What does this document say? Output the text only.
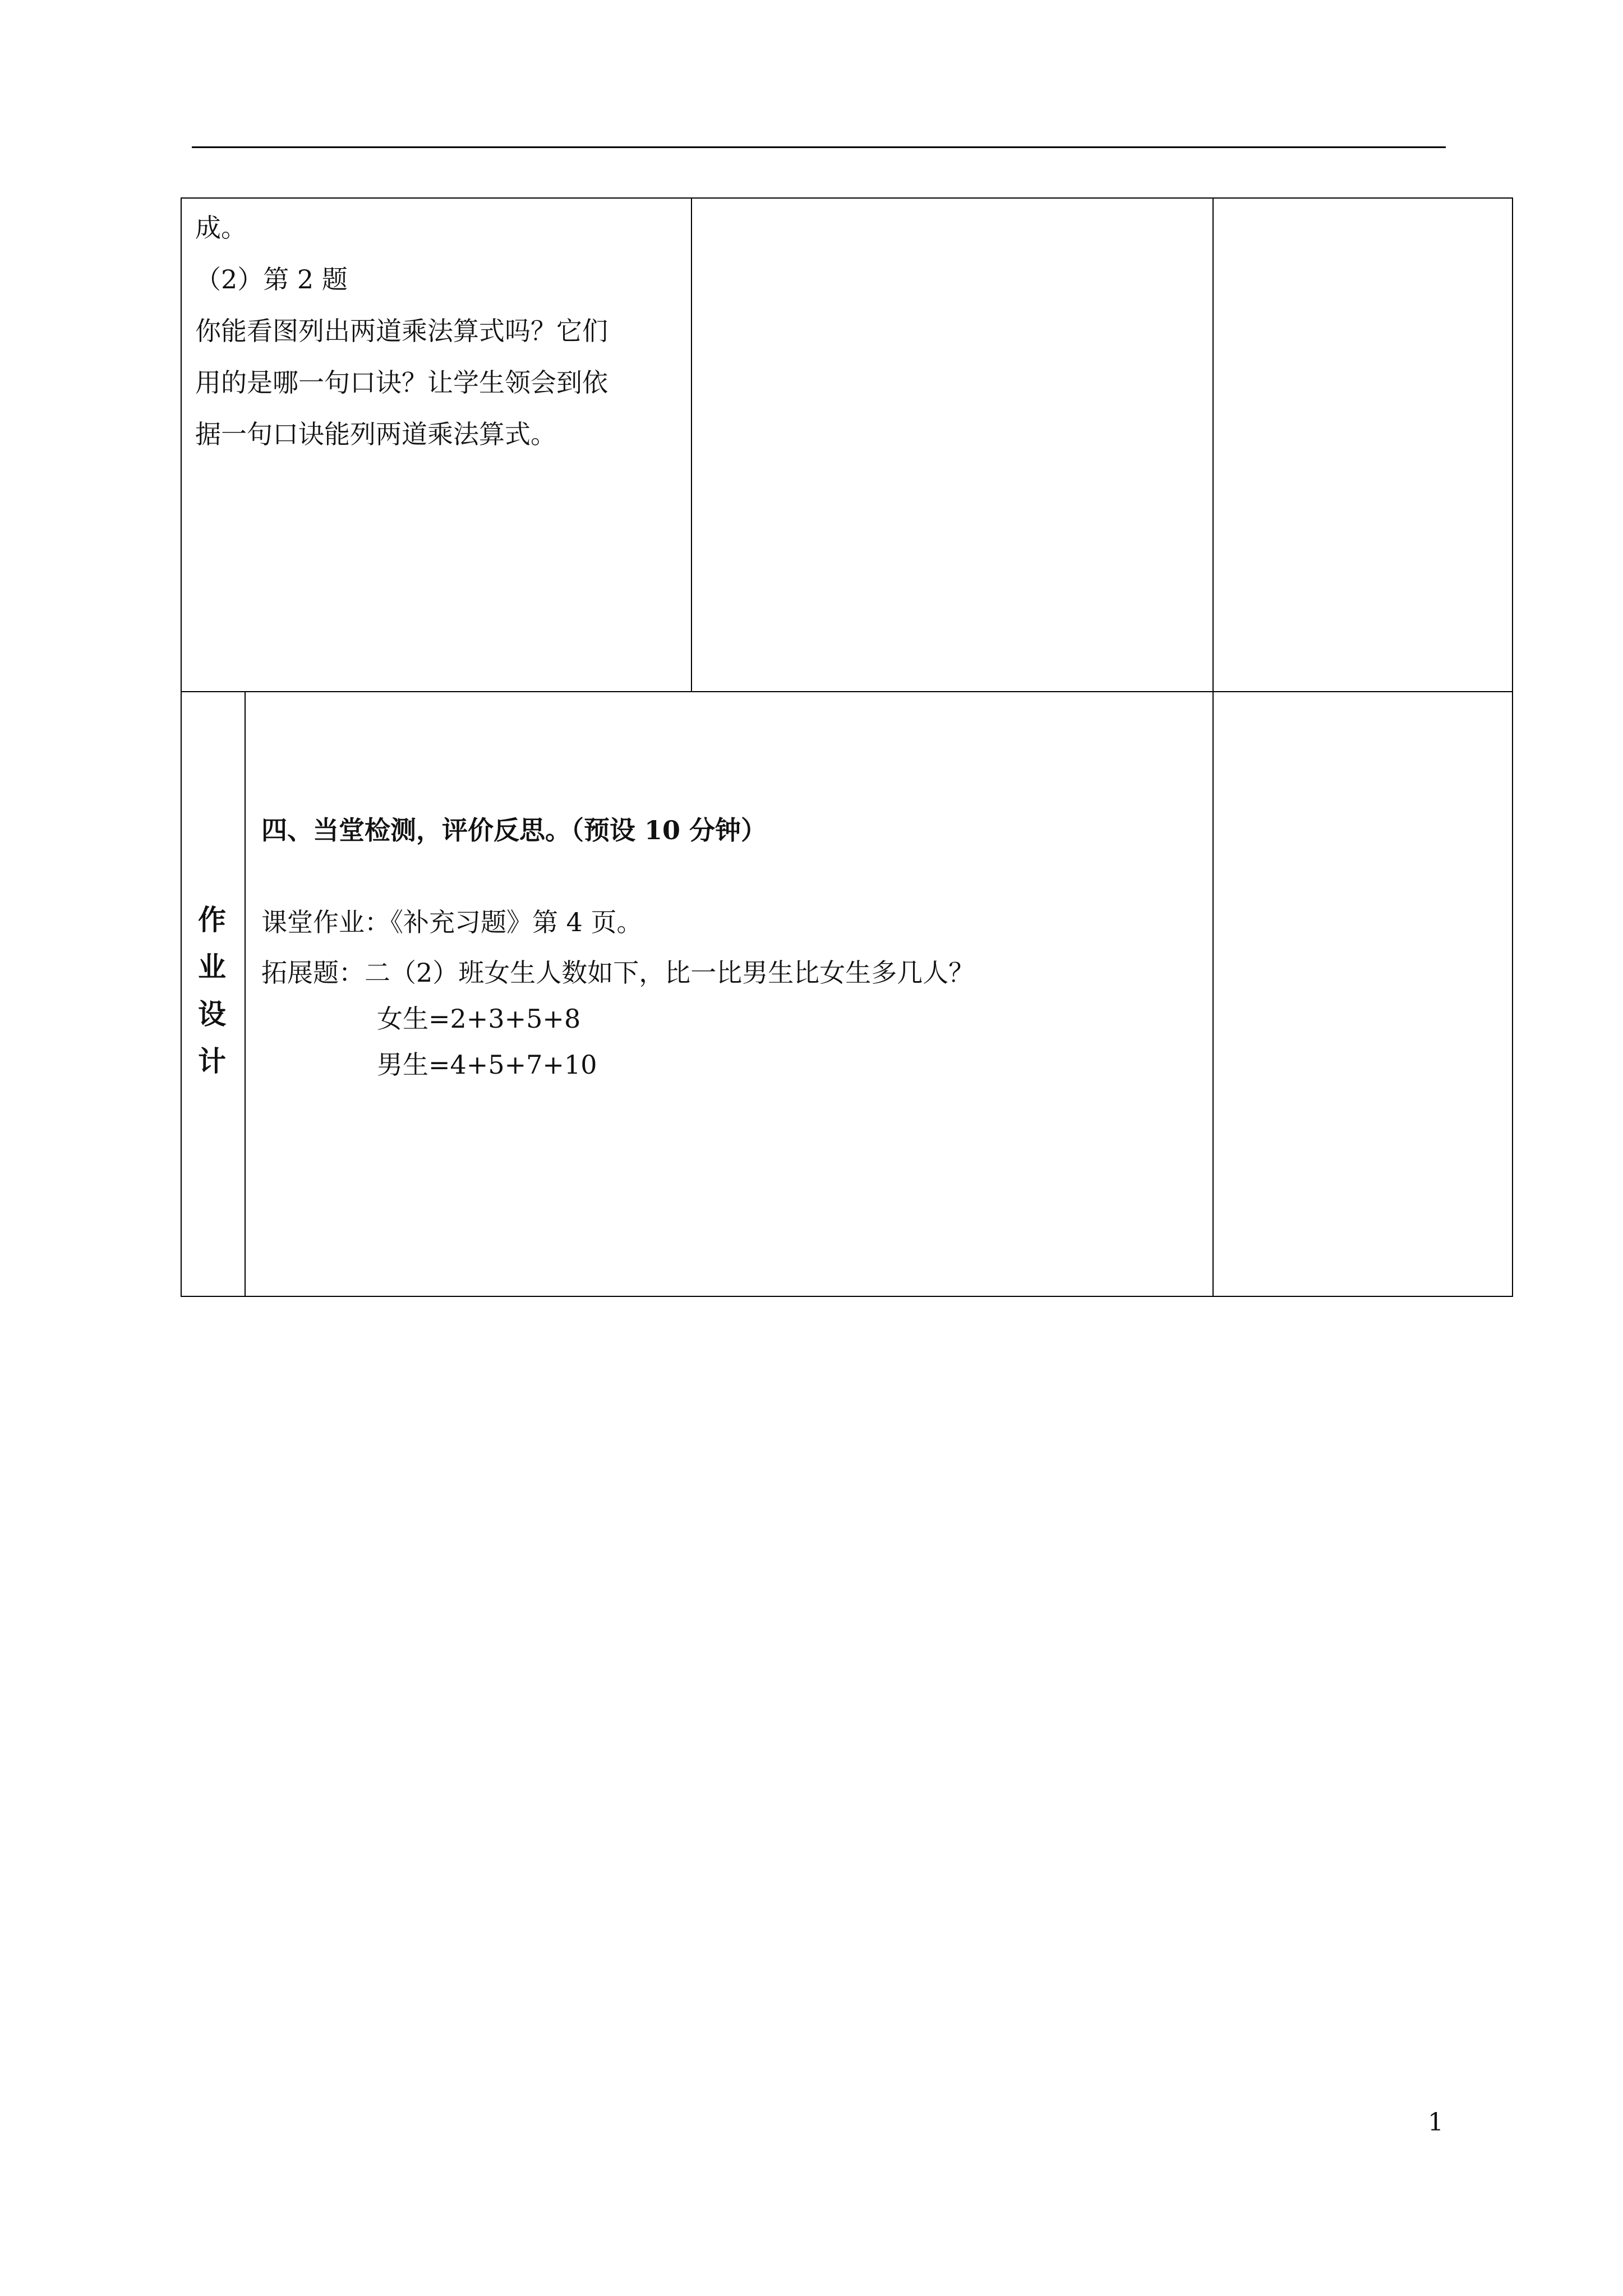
成。
（2）第 2 题
你能看图列出两道乘法算式吗？它们
用的是哪一句口诀？让学生领会到依
据一句口诀能列两道乘法算式。
作
业
设
计
四、当堂检测，评价反思。（预设 10 分钟）
课堂作业：《补充习题》第 4 页。
拓展题：二（2）班女生人数如下，比一比男生比女生多几人？
女生=2+3+5+8
男生=4+5+7+10
1
